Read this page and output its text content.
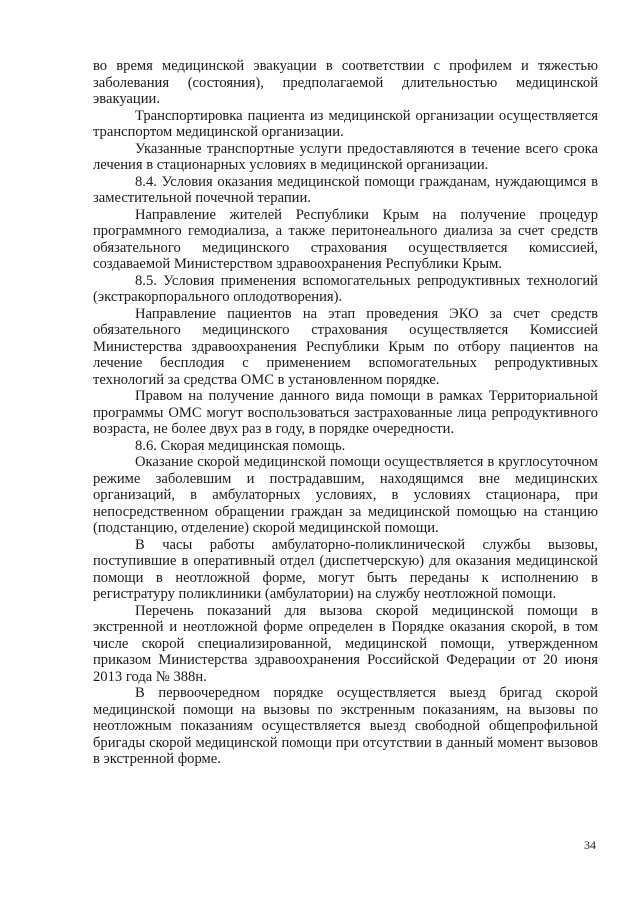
во время медицинской эвакуации в соответствии с профилем и тяжестью заболевания (состояния), предполагаемой длительностью медицинской эвакуации.

Транспортировка пациента из медицинской организации осуществляется транспортом медицинской организации.

Указанные транспортные услуги предоставляются в течение всего срока лечения в стационарных условиях в медицинской организации.

8.4. Условия оказания медицинской помощи гражданам, нуждающимся в заместительной почечной терапии.

Направление жителей Республики Крым на получение процедур программного гемодиализа, а также перитонеального диализа за счет средств обязательного медицинского страхования осуществляется комиссией, создаваемой Министерством здравоохранения Республики Крым.

8.5. Условия применения вспомогательных репродуктивных технологий (экстракорпорального оплодотворения).

Направление пациентов на этап проведения ЭКО за счет средств обязательного медицинского страхования осуществляется Комиссией Министерства здравоохранения Республики Крым по отбору пациентов на лечение бесплодия с применением вспомогательных репродуктивных технологий за средства ОМС в установленном порядке.

Правом на получение данного вида помощи в рамках Территориальной программы ОМС могут воспользоваться застрахованные лица репродуктивного возраста, не более двух раз в году, в порядке очередности.

8.6. Скорая медицинская помощь.

Оказание скорой медицинской помощи осуществляется в круглосуточном режиме заболевшим и пострадавшим, находящимся вне медицинских организаций, в амбулаторных условиях, в условиях стационара, при непосредственном обращении граждан за медицинской помощью на станцию (подстанцию, отделение) скорой медицинской помощи.

В часы работы амбулаторно-поликлинической службы вызовы, поступившие в оперативный отдел (диспетчерскую) для оказания медицинской помощи в неотложной форме, могут быть переданы к исполнению в регистратуру поликлиники (амбулатории) на службу неотложной помощи.

Перечень показаний для вызова скорой медицинской помощи в экстренной и неотложной форме определен в Порядке оказания скорой, в том числе скорой специализированной, медицинской помощи, утвержденном приказом Министерства здравоохранения Российской Федерации от 20 июня 2013 года № 388н.

В первоочередном порядке осуществляется выезд бригад скорой медицинской помощи на вызовы по экстренным показаниям, на вызовы по неотложным показаниям осуществляется выезд свободной общепрофильной бригады скорой медицинской помощи при отсутствии в данный момент вызовов в экстренной форме.

34
